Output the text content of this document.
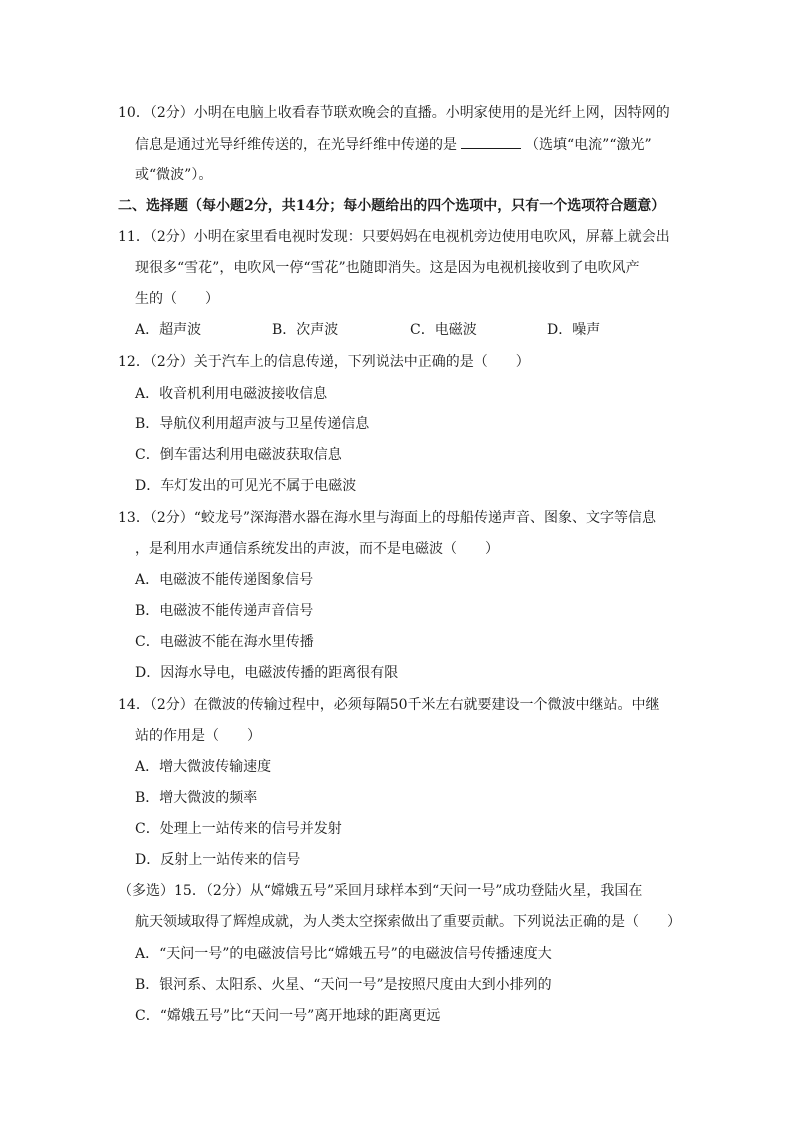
10．（2分）小明在电脑上收看春节联欢晚会的直播。小明家使用的是光纤上网，因特网的
信息是通过光导纤维传送的，在光导纤维中传递的是	（选填“电流”“激光”
或“微波”）。
二、选择题（每小题2分，共14分；每小题给出的四个选项中，只有一个选项符合题意）
11．（2分）小明在家里看电视时发现：只要妈妈在电视机旁边使用电吹风，屏幕上就会出
现很多“雪花”，电吹风一停“雪花”也随即消失。这是因为电视机接收到了电吹风产
生的（　　）
A．超声波	B．次声波	C．电磁波	D．噪声
12．（2分）关于汽车上的信息传递，下列说法中正确的是（　　）
A．收音机利用电磁波接收信息
B．导航仪利用超声波与卫星传递信息
C．倒车雷达利用电磁波获取信息
D．车灯发出的可见光不属于电磁波
13．（2分）“蛟龙号”深海潜水器在海水里与海面上的母船传递声音、图象、文字等信息
，是利用水声通信系统发出的声波，而不是电磁波（　　）
A．电磁波不能传递图象信号
B．电磁波不能传递声音信号
C．电磁波不能在海水里传播
D．因海水导电，电磁波传播的距离很有限
14．（2分）在微波的传输过程中，必须每隔50千米左右就要建设一个微波中继站。中继
站的作用是（　　）
A．增大微波传输速度
B．增大微波的频率
C．处理上一站传来的信号并发射
D．反射上一站传来的信号
（多选）15．（2分）从“嫦娥五号”采回月球样本到“天问一号”成功登陆火星，我国在
航天领域取得了辉煌成就，为人类太空探索做出了重要贡献。下列说法正确的是（　　）
A．“天问一号”的电磁波信号比“嫦娥五号”的电磁波信号传播速度大
B．银河系、太阳系、火星、“天问一号”是按照尺度由大到小排列的
C．“嫦娥五号”比“天问一号”离开地球的距离更远
